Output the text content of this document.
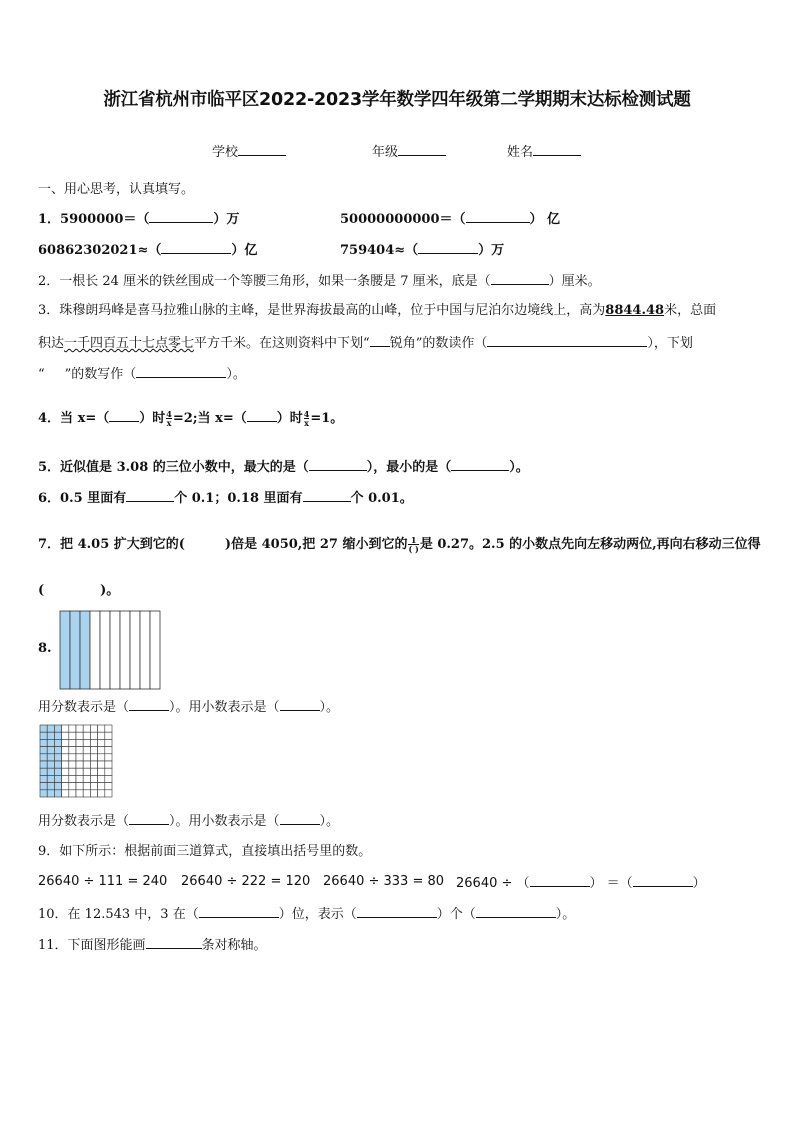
浙江省杭州市临平区2022-2023学年数学四年级第二学期期末达标检测试题
学校	年级	姓名
一、用心思考，认真填写。
1．5900000＝（	）万	50000000000＝（	） 亿
60862302021≈（	）亿	759404≈（	）万
2．一根长 24 厘米的铁丝围成一个等腰三角形，如果一条腰是 7 厘米，底是（	）厘米。
3．珠穆朗玛峰是喜马拉雅山脉的主峰，是世界海拔最高的山峰，位于中国与尼泊尔边境线上，高为8844.48米，总面
积达一千四百五十七点零七平方千米。在这则资料中下划“ 锐角”的数读作（	），下划
“ ”的数写作（	）。
4．当 x=（ ）时 $\frac{4}{x} =2$;当 x=（ ）时 $\frac{4}{x} =1$。
5．近似值是 3.08 的三位小数中，最大的是（	），最小的是（	）。
6．0.5 里面有	个 0.1；0.18 里面有	个 0.01。
7．把 4.05 扩大到它的(	)倍是 4050,把 27 缩小到它的 $\frac{1}{( )}$ 是 0.27。2.5 的小数点先向左移动两位,再向右移动三位得
(	)。
8.
用分数表示是（	）。用小数表示是（	）。
用分数表示是（	）。用小数表示是（	）。
9．如下所示：根据前面三道算式，直接填出括号里的数。
26640 ÷ 111 = 240 26640 ÷ 222 = 120 26640 ÷ 333 = 80 26640 ÷ （	） ＝（	）
10．在 12.543 中，3 在（	）位，表示（	）个（	）。
11．下面图形能画	条对称轴。
